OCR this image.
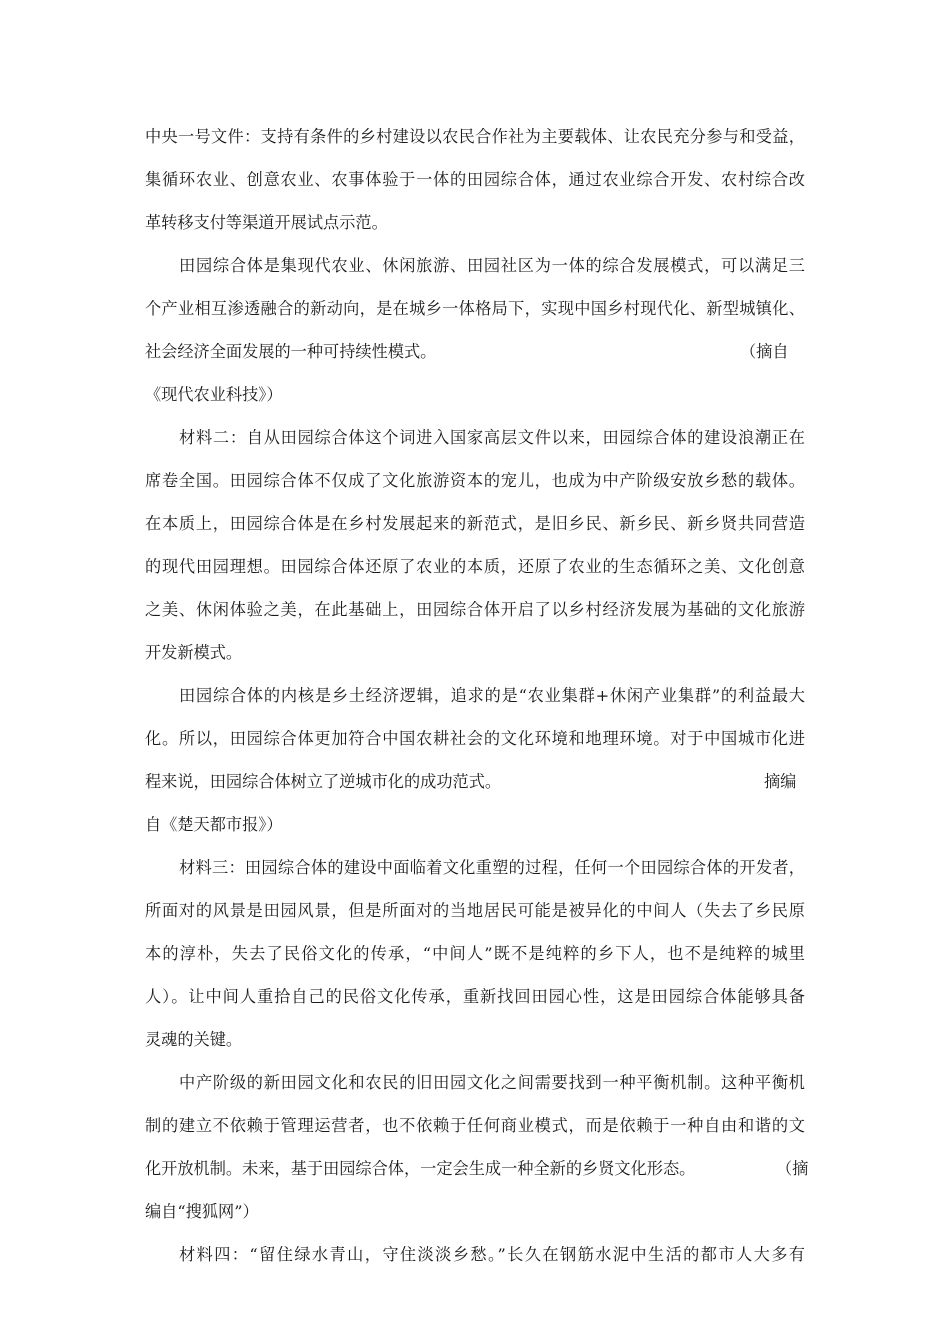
中央一号文件：支持有条件的乡村建设以农民合作社为主要载体、让农民充分参与和受益，
集循环农业、创意农业、农事体验于一体的田园综合体，通过农业综合开发、农村综合改
革转移支付等渠道开展试点示范。
田园综合体是集现代农业、休闲旅游、田园社区为一体的综合发展模式，可以满足三
个产业相互渗透融合的新动向，是在城乡一体格局下，实现中国乡村现代化、新型城镇化、
社会经济全面发展的一种可持续性模式。	（摘自
《现代农业科技》）
材料二：自从田园综合体这个词进入国家高层文件以来，田园综合体的建设浪潮正在
席卷全国。田园综合体不仅成了文化旅游资本的宠儿，也成为中产阶级安放乡愁的载体。
在本质上，田园综合体是在乡村发展起来的新范式，是旧乡民、新乡民、新乡贤共同营造
的现代田园理想。田园综合体还原了农业的本质，还原了农业的生态循环之美、文化创意
之美、休闲体验之美，在此基础上，田园综合体开启了以乡村经济发展为基础的文化旅游
开发新模式。
田园综合体的内核是乡土经济逻辑，追求的是“农业集群+休闲产业集群”的利益最大
化。所以，田园综合体更加符合中国农耕社会的文化环境和地理环境。对于中国城市化进
程来说，田园综合体树立了逆城市化的成功范式。	摘编
自《楚天都市报》）
材料三：田园综合体的建设中面临着文化重塑的过程，任何一个田园综合体的开发者，
所面对的风景是田园风景，但是所面对的当地居民可能是被异化的中间人（失去了乡民原
本的淳朴，失去了民俗文化的传承，“中间人”既不是纯粹的乡下人，也不是纯粹的城里
人）。让中间人重拾自己的民俗文化传承，重新找回田园心性，这是田园综合体能够具备
灵魂的关键。
中产阶级的新田园文化和农民的旧田园文化之间需要找到一种平衡机制。这种平衡机
制的建立不依赖于管理运营者，也不依赖于任何商业模式，而是依赖于一种自由和谐的文
化开放机制。未来，基于田园综合体，一定会生成一种全新的乡贤文化形态。	（摘
编自“搜狐网”）
材料四：“留住绿水青山，守住淡淡乡愁。”长久在钢筋水泥中生活的都市人大多有
